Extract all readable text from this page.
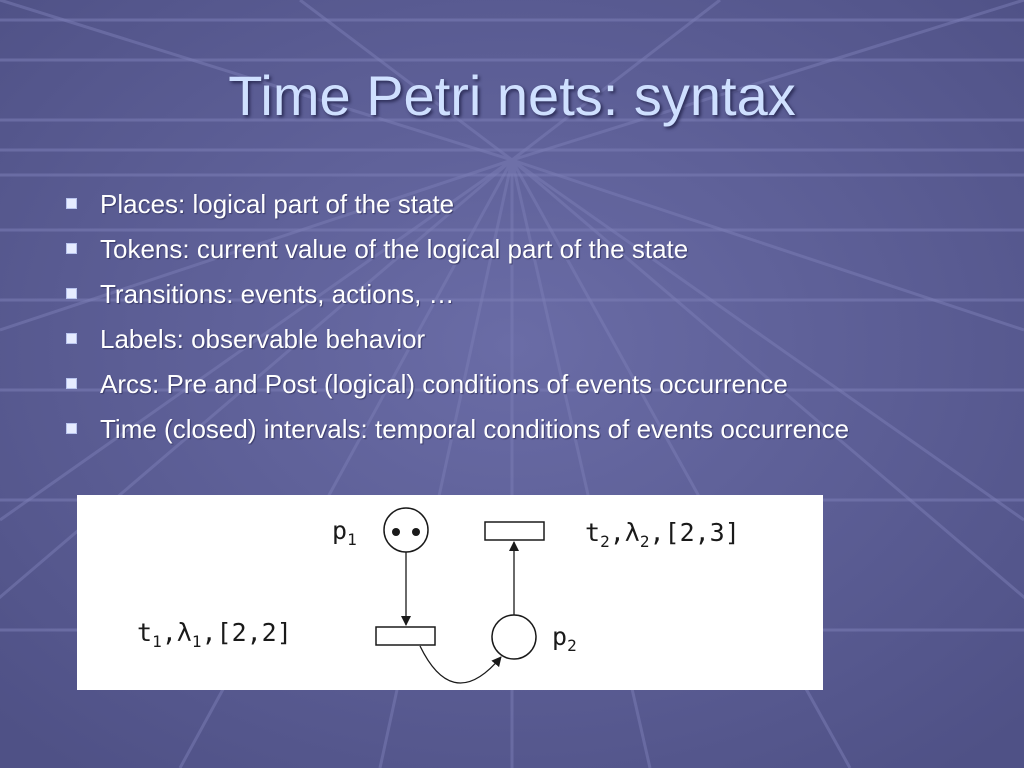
Time Petri nets: syntax
Places: logical part of the state
Tokens: current value of the logical part of the state
Transitions: events, actions, …
Labels: observable behavior
Arcs: Pre and Post (logical) conditions of events occurrence
Time (closed) intervals: temporal conditions of events occurrence
$p_1$	$t_2,\lambda_2,[2,3]$
$t_1,\lambda_1,[2,2]$	$p_2$
